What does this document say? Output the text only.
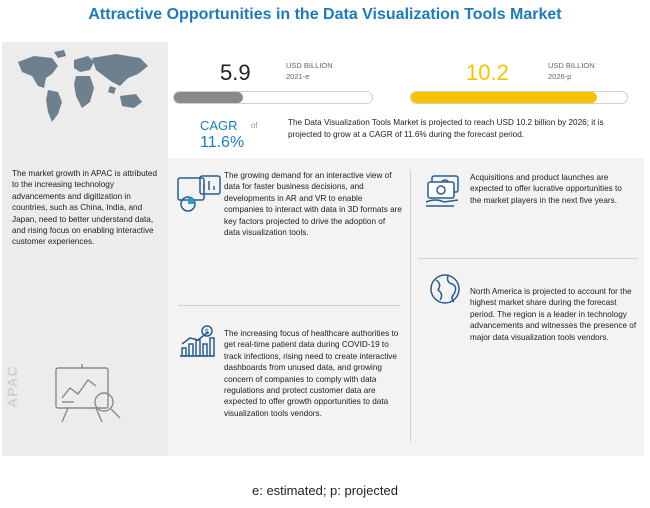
Attractive Opportunities in the Data Visualization Tools Market
5.9	USD BILLION
2021-e	10.2	USD BILLION
2026-p
CAGR of
11.6%
The Data Visualization Tools Market is projected to reach USD 10.2 billion by 2026; it is projected to grow at a CAGR of 11.6% during the forecast period.
The market growth in APAC is attributed to the increasing technology advancements and digitization in countries, such as China, India, and Japan, need to better understand data, and rising focus on enabling interactive customer experiences.
APAC
The growing demand for an interactive view of data for faster business decisions, and developments in AR and VR to enable companies to interact with data in 3D formats are key factors projected to drive the adoption of data visualization tools.
Acquisitions and product launches are expected to offer lucrative opportunities to the market players in the next five years.
North America is projected to account for the highest market share during the forecast period. The region is a leader in technology advancements and witnesses the presence of major data visualization tools vendors.
$ The increasing focus of healthcare authorities to get real-time patient data during COVID-19 to track infections, rising need to create interactive dashboards from unused data, and growing concern of companies to comply with data regulations and protect customer data are expected to offer growth opportunities to data visualization tools vendors.
e: estimated; p: projected
